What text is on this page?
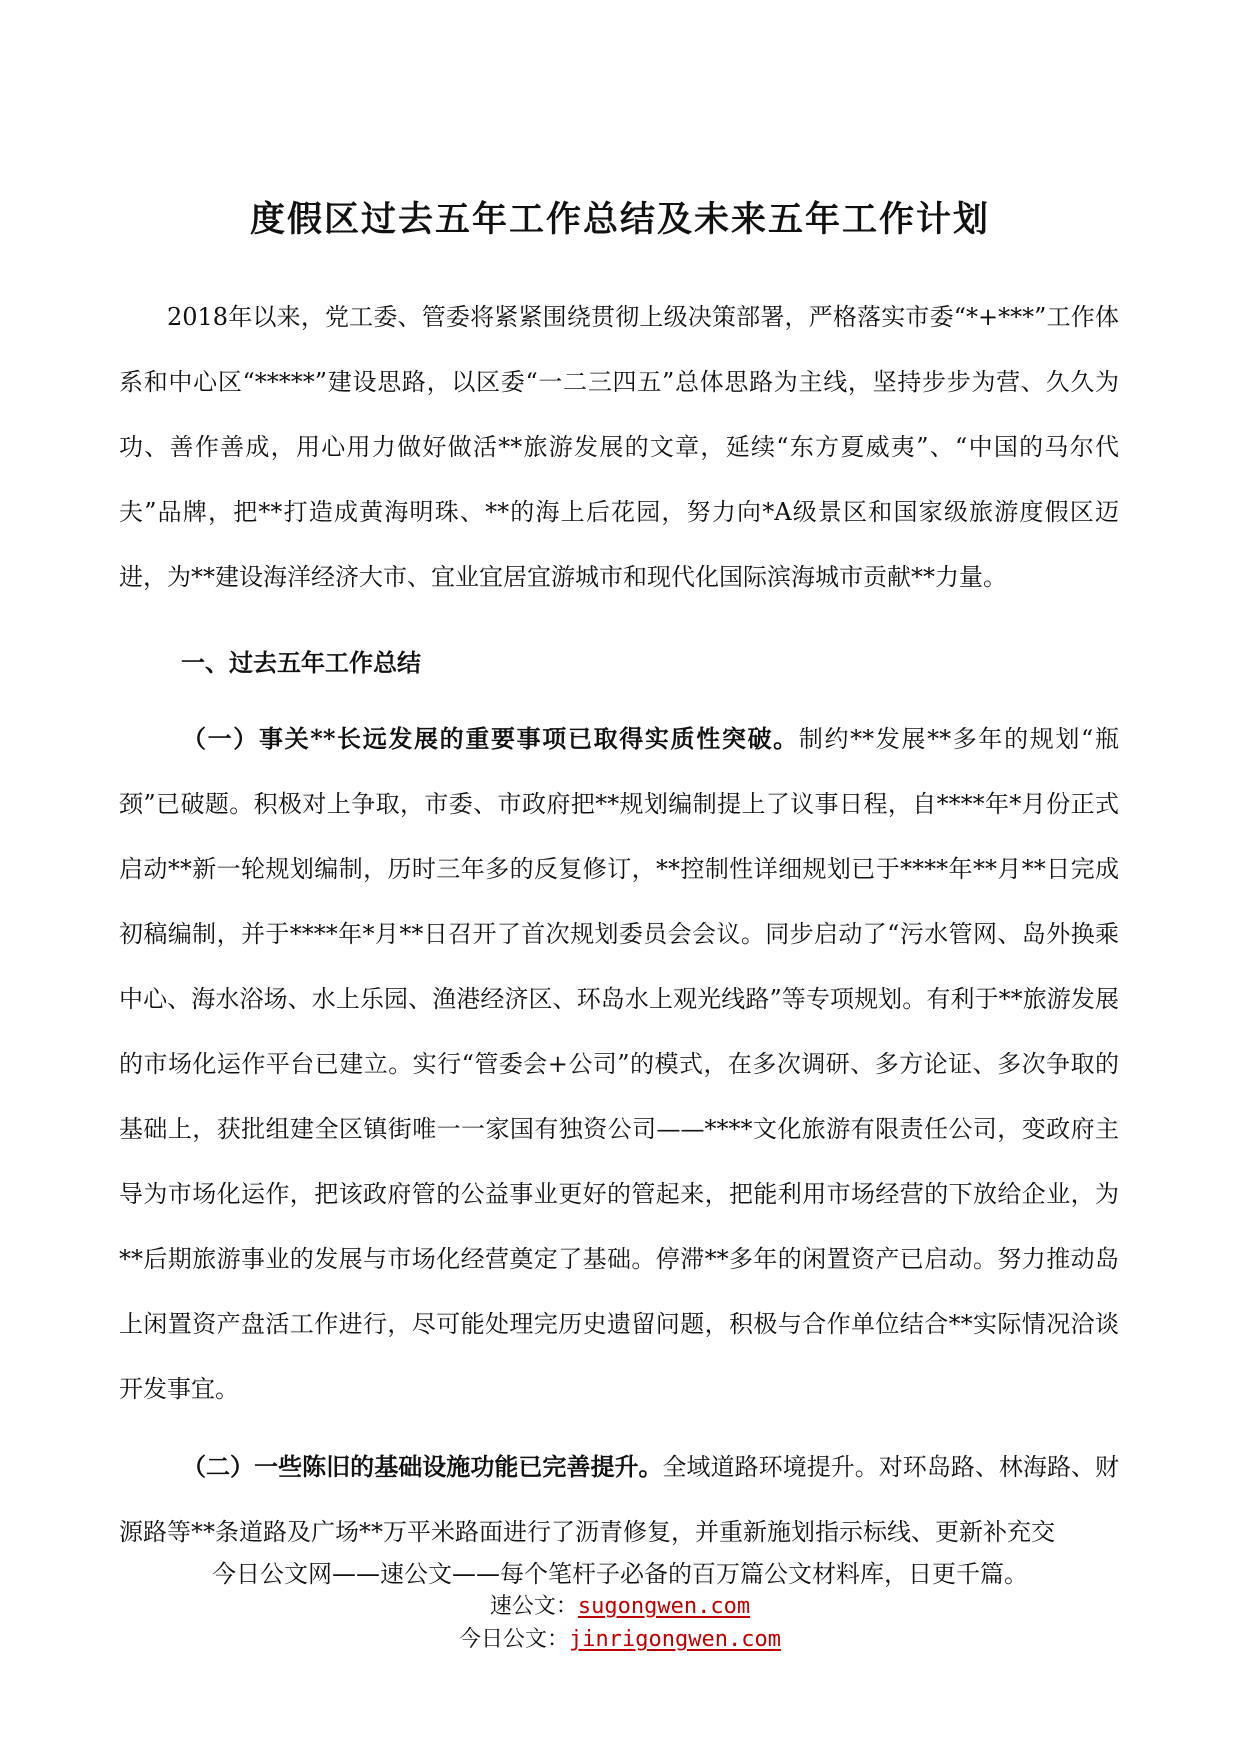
度假区过去五年工作总结及未来五年工作计划
2018年以来，党工委、管委将紧紧围绕贯彻上级决策部署，严格落实市委“*+***”工作体系和中心区“*****”建设思路，以区委“一二三四五”总体思路为主线，坚持步步为营、久久为功、善作善成，用心用力做好做活**旅游发展的文章，延续“东方夏威夷”、“中国的马尔代夫”品牌，把**打造成黄海明珠、**的海上后花园，努力向*A级景区和国家级旅游度假区迈进，为**建设海洋经济大市、宜业宜居宜游城市和现代化国际滨海城市贡献**力量。
一、过去五年工作总结
（一）事关**长远发展的重要事项已取得实质性突破。制约**发展**多年的规划“瓶颈”已破题。积极对上争取，市委、市政府把**规划编制提上了议事日程，自****年*月份正式启动**新一轮规划编制，历时三年多的反复修订，**控制性详细规划已于****年**月**日完成初稿编制，并于****年*月**日召开了首次规划委员会会议。同步启动了“污水管网、岛外换乘中心、海水浴场、水上乐园、渔港经济区、环岛水上观光线路”等专项规划。有利于**旅游发展的市场化运作平台已建立。实行“管委会+公司”的模式，在多次调研、多方论证、多次争取的基础上，获批组建全区镇街唯一一家国有独资公司——****文化旅游有限责任公司，变政府主导为市场化运作，把该政府管的公益事业更好的管起来，把能利用市场经营的下放给企业，为**后期旅游事业的发展与市场化经营奠定了基础。停滞**多年的闲置资产已启动。努力推动岛上闲置资产盘活工作进行，尽可能处理完历史遗留问题，积极与合作单位结合**实际情况洽谈开发事宜。
（二）一些陈旧的基础设施功能已完善提升。全域道路环境提升。对环岛路、林海路、财源路等**条道路及广场**万平米路面进行了沥青修复，并重新施划指示标线、更新补充交
今日公文网——速公文——每个笔杆子必备的百万篇公文材料库，日更千篇。
速公文：sugongwen.com
今日公文：jinrigongwen.com
